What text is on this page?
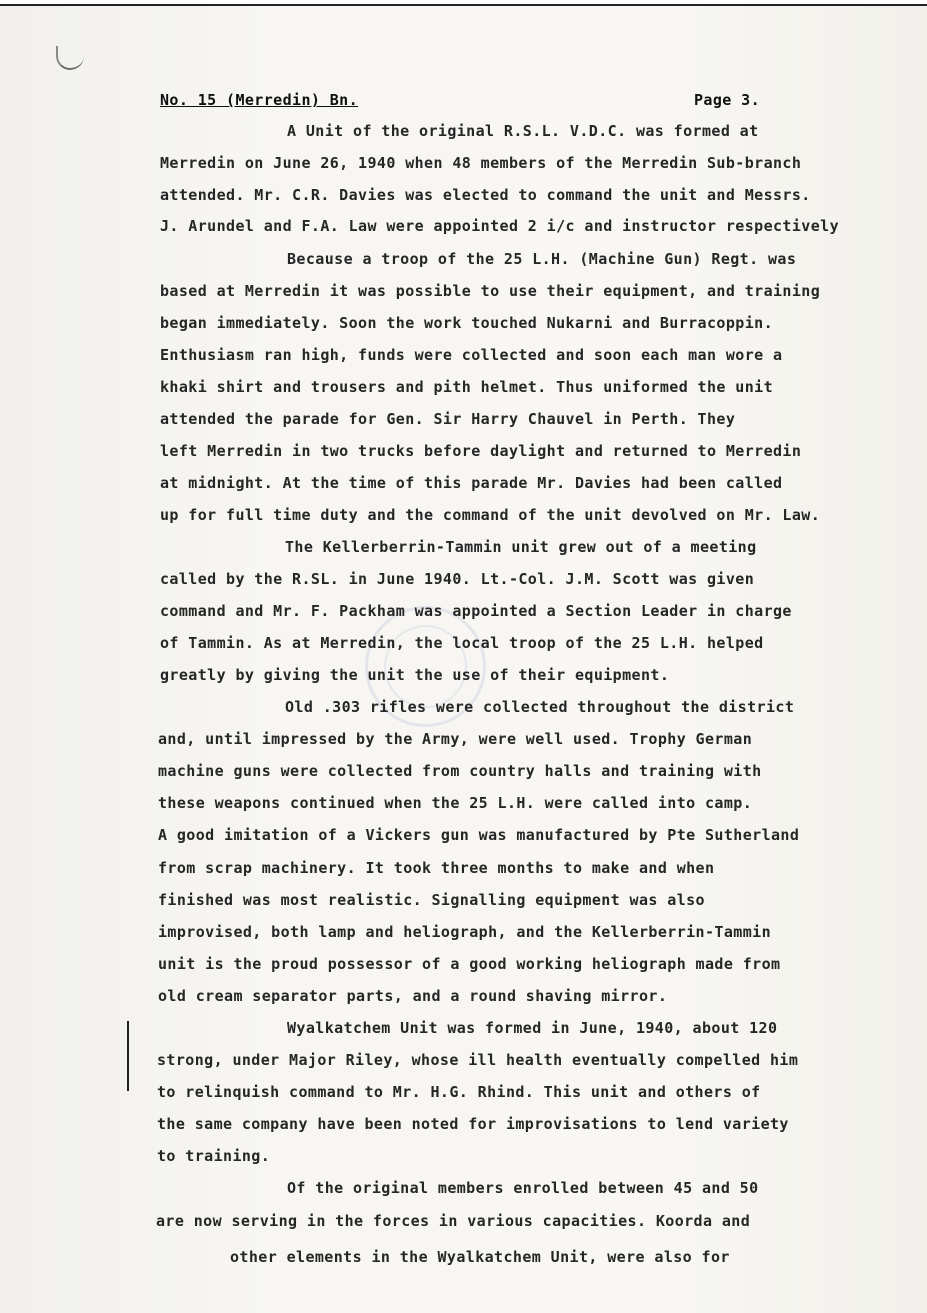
No. 15 (Merredin) Bn.	Page 3.
A Unit of the original R.S.L. V.D.C. was formed at
Merredin on June 26, 1940 when 48 members of the Merredin Sub-branch
attended. Mr. C.R. Davies was elected to command the unit and Messrs.
J. Arundel and F.A. Law were appointed 2 i/c and instructor respectively
Because a troop of the 25 L.H. (Machine Gun) Regt. was
based at Merredin it was possible to use their equipment, and training
began immediately. Soon the work touched Nukarni and Burracoppin.
Enthusiasm ran high, funds were collected and soon each man wore a
khaki shirt and trousers and pith helmet. Thus uniformed the unit
attended the parade for Gen. Sir Harry Chauvel in Perth. They
left Merredin in two trucks before daylight and returned to Merredin
at midnight. At the time of this parade Mr. Davies had been called
up for full time duty and the command of the unit devolved on Mr. Law.
The Kellerberrin-Tammin unit grew out of a meeting
called by the R.SL. in June 1940. Lt.-Col. J.M. Scott was given
command and Mr. F. Packham was appointed a Section Leader in charge
of Tammin. As at Merredin, the local troop of the 25 L.H. helped
greatly by giving the unit the use of their equipment.
Old .303 rifles were collected throughout the district
and, until impressed by the Army, were well used. Trophy German
machine guns were collected from country halls and training with
these weapons continued when the 25 L.H. were called into camp.
A good imitation of a Vickers gun was manufactured by Pte Sutherland
from scrap machinery. It took three months to make and when
finished was most realistic. Signalling equipment was also
improvised, both lamp and heliograph, and the Kellerberrin-Tammin
unit is the proud possessor of a good working heliograph made from
old cream separator parts, and a round shaving mirror.
Wyalkatchem Unit was formed in June, 1940, about 120
strong, under Major Riley, whose ill health eventually compelled him
to relinquish command to Mr. H.G. Rhind. This unit and others of
the same company have been noted for improvisations to lend variety
to training.
Of the original members enrolled between 45 and 50
are now serving in the forces in various capacities. Koorda and
other elements in the Wyalkatchem Unit, were also for
